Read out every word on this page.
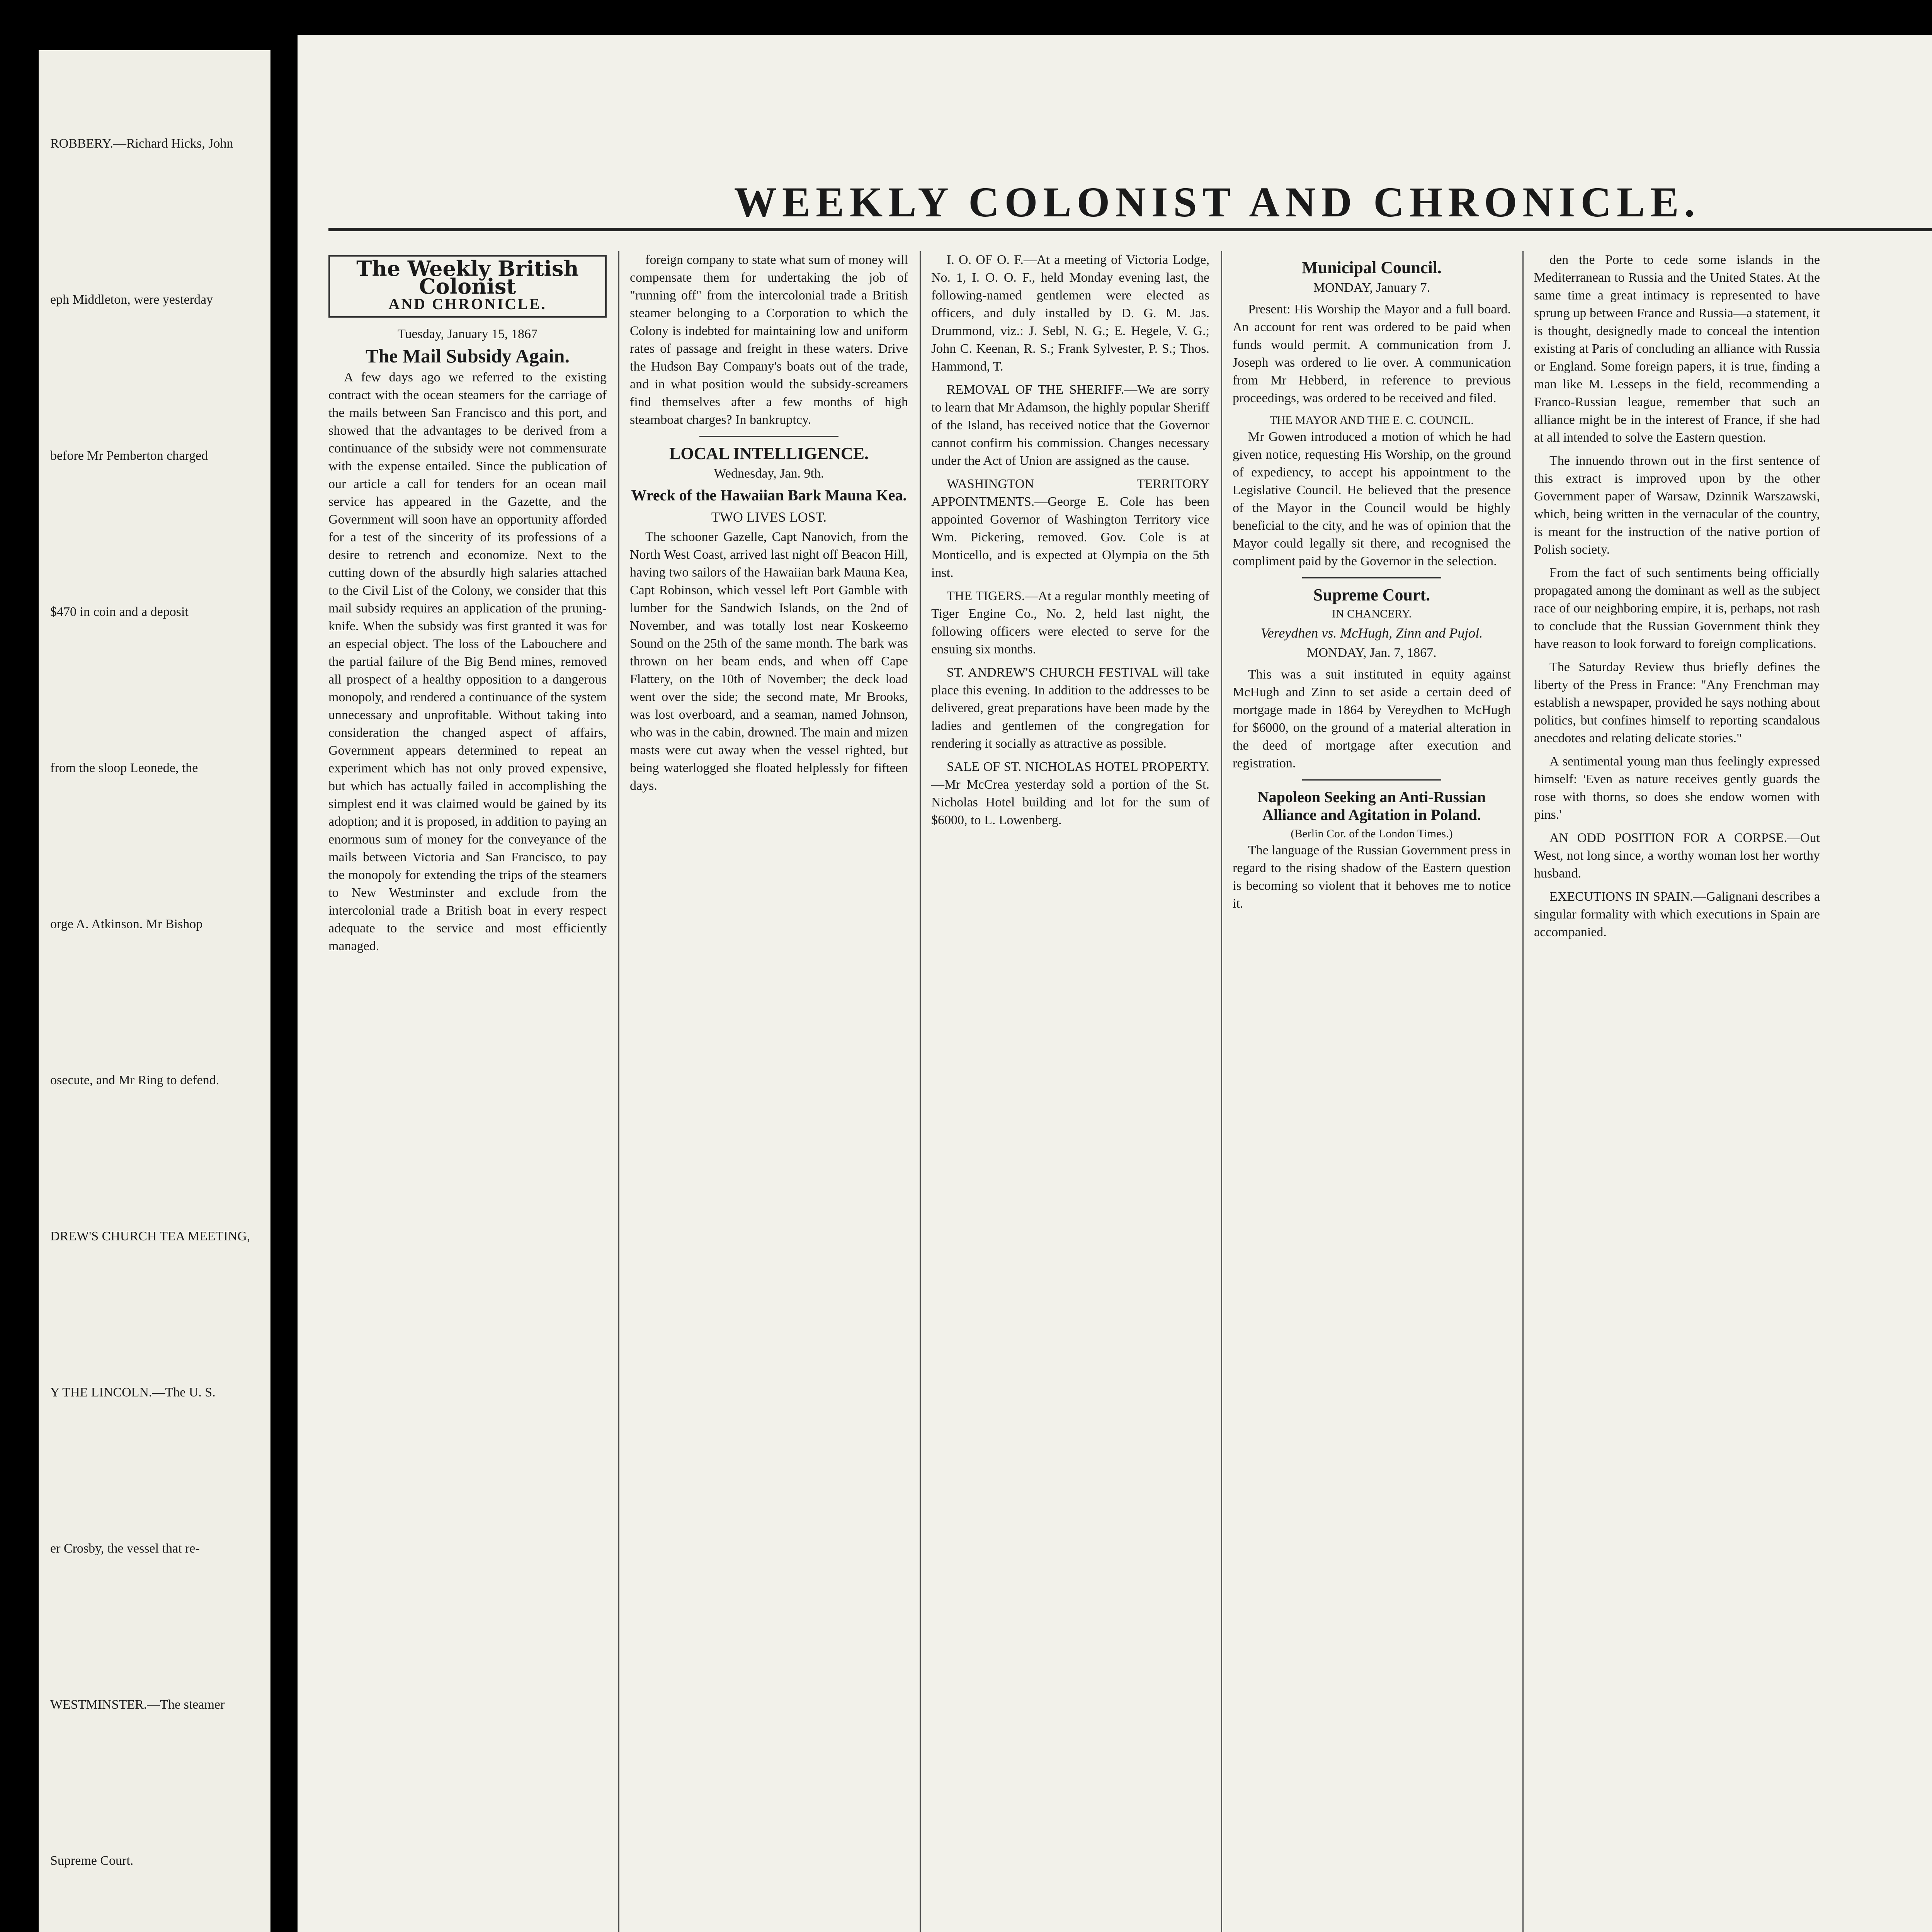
ROBBERY.—Richard Hicks, John
eph Middleton, were yesterday
before Mr Pemberton charged
$470 in coin and a deposit
from the sloop Leonede, the
orge A. Atkinson. Mr Bishop
osecute, and Mr Ring to defend.
DREW'S CHURCH TEA MEETING,
Y THE LINCOLN.—The U. S.
er Crosby, the vessel that re-
WESTMINSTER.—The steamer
Supreme Court.
WEEKLY COLONIST AND CHRONICLE.
The Weekly British Colonist
AND CHRONICLE.
Tuesday, January 15, 1867
The Mail Subsidy Again.

A few days ago we referred to the existing contract with the ocean steamers for the carriage of the mails between San Francisco and this port, and showed that the advantages to be derived from a continuance of the subsidy were not commensurate with the expense entailed. Since the publication of our article a call for tenders for an ocean mail service has appeared in the Gazette, and the Government will soon have an opportunity afforded for a test of the sincerity of its professions of a desire to retrench and economize. Next to the cutting down of the absurdly high salaries attached to the Civil List of the Colony, we consider that this mail subsidy requires an application of the pruning-knife. When the subsidy was first granted it was for an especial object. The loss of the Labouchere and the partial failure of the Big Bend mines, removed all prospect of a healthy opposition to a dangerous monopoly, and rendered a continuance of the system unnecessary and unprofitable. Without taking into consideration the changed aspect of affairs, Government appears determined to repeat an experiment which has not only proved expensive, but which has actually failed in accomplishing the simplest end it was claimed would be gained by its adoption; and it is proposed, in addition to paying an enormous sum of money for the conveyance of the mails between Victoria and San Francisco, to pay the monopoly for extending the trips of the steamers to New Westminster and exclude from the intercolonial trade a British boat in every respect adequate to the service and most efficiently managed.

foreign company to state what sum of money will compensate them for undertaking the job of "running off" from the intercolonial trade a British steamer belonging to a Corporation to which the Colony is indebted for maintaining low and uniform rates of passage and freight in these waters. Drive the Hudson Bay Company's boats out of the trade, and in what position would the subsidy-screamers find themselves after a few months of high steamboat charges? In bankruptcy.

LOCAL INTELLIGENCE.
Wednesday, Jan. 9th.
Wreck of the Hawaiian Bark Mauna Kea.
TWO LIVES LOST.

The schooner Gazelle, Capt Nanovich, from the North West Coast, arrived last night off Beacon Hill, having two sailors of the Hawaiian bark Mauna Kea, Capt Robinson, which vessel left Port Gamble with lumber for the Sandwich Islands, on the 2nd of November, and was totally lost near Koskeemo Sound on the 25th of the same month. The bark was thrown on her beam ends, and when off Cape Flattery, on the 10th of November; the deck load went over the side; the second mate, Mr Brooks, was lost overboard, and a seaman, named Johnson, who was in the cabin, drowned. The main and mizen masts were cut away when the vessel righted, but being waterlogged she floated helplessly for fifteen days.

I. O. OF O. F.—At a meeting of Victoria Lodge, No. 1, I. O. O. F., held Monday evening last, the following-named gentlemen were elected as officers, and duly installed by D. G. M. Jas. Drummond, viz.: J. Sebl, N. G.; E. Hegele, V. G.; John C. Keenan, R. S.; Frank Sylvester, P. S.; Thos. Hammond, T.

REMOVAL OF THE SHERIFF.—We are sorry to learn that Mr Adamson, the highly popular Sheriff of the Island, has received notice that the Governor cannot confirm his commission. Changes necessary under the Act of Union are assigned as the cause.

WASHINGTON TERRITORY APPOINTMENTS.—George E. Cole has been appointed Governor of Washington Territory vice Wm. Pickering, removed. Gov. Cole is at Monticello, and is expected at Olympia on the 5th inst.

THE TIGERS.—At a regular monthly meeting of Tiger Engine Co., No. 2, held last night, the following officers were elected to serve for the ensuing six months.

ST. ANDREW'S CHURCH FESTIVAL will take place this evening. In addition to the addresses to be delivered, great preparations have been made by the ladies and gentlemen of the congregation for rendering it socially as attractive as possible.

SALE OF ST. NICHOLAS HOTEL PROPERTY.—Mr McCrea yesterday sold a portion of the St. Nicholas Hotel building and lot for the sum of $6000, to L. Lowenberg.

Municipal Council.
MONDAY, January 7.

Present: His Worship the Mayor and a full board. An account for rent was ordered to be paid when funds would permit. A communication from J. Joseph was ordered to lie over. A communication from Mr Hebberd, in reference to previous proceedings, was ordered to be received and filed.

THE MAYOR AND THE E. C. COUNCIL.

Mr Gowen introduced a motion of which he had given notice, requesting His Worship, on the ground of expediency, to accept his appointment to the Legislative Council. He believed that the presence of the Mayor in the Council would be highly beneficial to the city, and he was of opinion that the Mayor could legally sit there, and recognised the compliment paid by the Governor in the selection.

Supreme Court.
IN CHANCERY.
Vereydhen vs. McHugh, Zinn and Pujol.
MONDAY, Jan. 7, 1867.

This was a suit instituted in equity against McHugh and Zinn to set aside a certain deed of mortgage made in 1864 by Vereydhen to McHugh for $6000, on the ground of a material alteration in the deed of mortgage after execution and registration.

Napoleon Seeking an Anti-Russian Alliance and Agitation in Poland.
(Berlin Cor. of the London Times.)

The language of the Russian Government press in regard to the rising shadow of the Eastern question is becoming so violent that it behoves me to notice it.

den the Porte to cede some islands in the Mediterranean to Russia and the United States. At the same time a great intimacy is represented to have sprung up between France and Russia—a statement, it is thought, designedly made to conceal the intention existing at Paris of concluding an alliance with Russia or England. Some foreign papers, it is true, finding a man like M. Lesseps in the field, recommending a Franco-Russian league, remember that such an alliance might be in the interest of France, if she had at all intended to solve the Eastern question.

The innuendo thrown out in the first sentence of this extract is improved upon by the other Government paper of Warsaw, Dzinnik Warszawski, which, being written in the vernacular of the country, is meant for the instruction of the native portion of Polish society.

From the fact of such sentiments being officially propagated among the dominant as well as the subject race of our neighboring empire, it is, perhaps, not rash to conclude that the Russian Government think they have reason to look forward to foreign complications.

The Saturday Review thus briefly defines the liberty of the Press in France: "Any Frenchman may establish a newspaper, provided he says nothing about politics, but confines himself to reporting scandalous anecdotes and relating delicate stories."

A sentimental young man thus feelingly expressed himself: 'Even as nature receives gently guards the rose with thorns, so does she endow women with pins.'

AN ODD POSITION FOR A CORPSE.—Out West, not long since, a worthy woman lost her worthy husband.

EXECUTIONS IN SPAIN.—Galignani describes a singular formality with which executions in Spain are accompanied.
